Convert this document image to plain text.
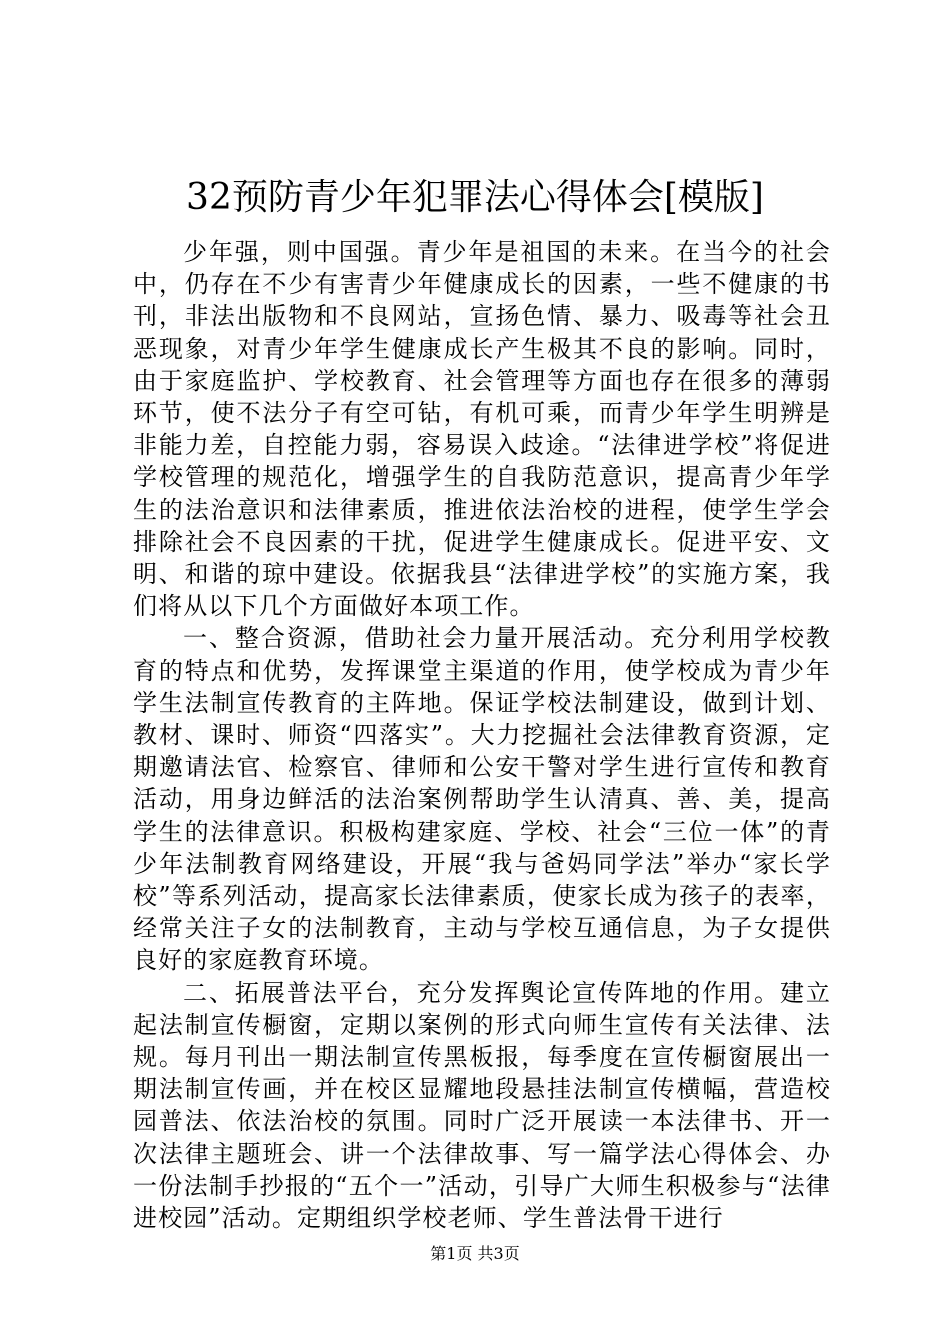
32预防青少年犯罪法心得体会[模版]

少年强，则中国强。青少年是祖国的未来。在当今的社会中，仍存在不少有害青少年健康成长的因素，一些不健康的书刊，非法出版物和不良网站，宣扬色情、暴力、吸毒等社会丑恶现象，对青少年学生健康成长产生极其不良的影响。同时，由于家庭监护、学校教育、社会管理等方面也存在很多的薄弱环节，使不法分子有空可钻，有机可乘，而青少年学生明辨是非能力差，自控能力弱，容易误入歧途。“法律进学校”将促进学校管理的规范化，增强学生的自我防范意识，提高青少年学生的法治意识和法律素质，推进依法治校的进程，使学生学会排除社会不良因素的干扰，促进学生健康成长。促进平安、文明、和谐的琼中建设。依据我县“法律进学校”的实施方案，我们将从以下几个方面做好本项工作。

一、整合资源，借助社会力量开展活动。充分利用学校教育的特点和优势，发挥课堂主渠道的作用，使学校成为青少年学生法制宣传教育的主阵地。保证学校法制建设，做到计划、教材、课时、师资“四落实”。大力挖掘社会法律教育资源，定期邀请法官、检察官、律师和公安干警对学生进行宣传和教育活动，用身边鲜活的法治案例帮助学生认清真、善、美，提高学生的法律意识。积极构建家庭、学校、社会“三位一体”的青少年法制教育网络建设，开展“我与爸妈同学法”举办“家长学校”等系列活动，提高家长法律素质，使家长成为孩子的表率，经常关注子女的法制教育，主动与学校互通信息，为子女提供良好的家庭教育环境。

二、拓展普法平台，充分发挥舆论宣传阵地的作用。建立起法制宣传橱窗，定期以案例的形式向师生宣传有关法律、法规。每月刊出一期法制宣传黑板报，每季度在宣传橱窗展出一期法制宣传画，并在校区显耀地段悬挂法制宣传横幅，营造校园普法、依法治校的氛围。同时广泛开展读一本法律书、开一次法律主题班会、讲一个法律故事、写一篇学法心得体会、办一份法制手抄报的“五个一”活动，引导广大师生积极参与“法律进校园”活动。定期组织学校老师、学生普法骨干进行

第1页 共3页
